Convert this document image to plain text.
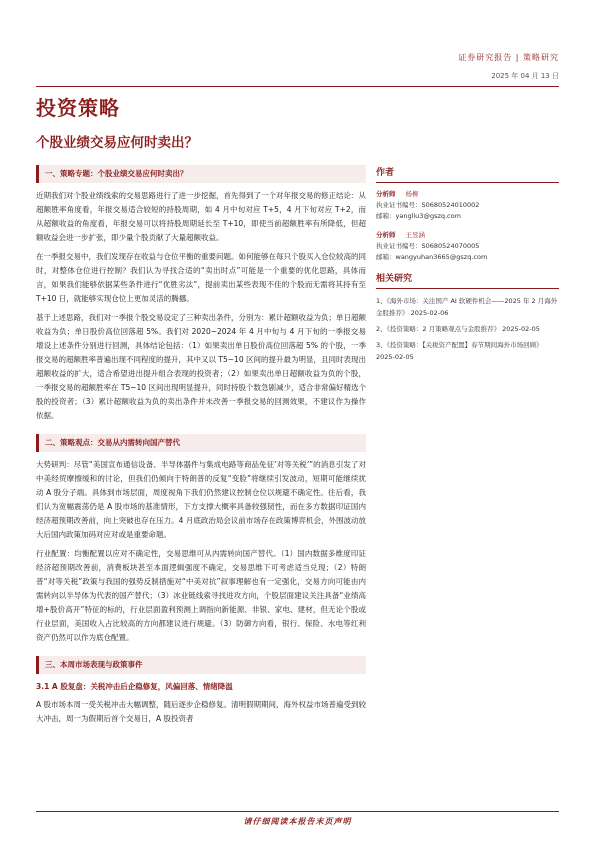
证券研究报告 | 策略研究
2025 年 04 月 13 日
投资策略
个股业绩交易应何时卖出？
一、策略专题：个股业绩交易应何时卖出？
近期我们对个股业绩线索的交易思路进行了进一步挖掘，首先得到了一个对年报交易的修正结论：从超额胜率角度看，年报交易适合较短的持股周期，如 4 月中旬对应 T+5，4 月下旬对应 T+2，而从超额收益的角度看，年报交易可以将持股周期延长至 T+10，即使当前超额胜率有所降低，但超额收益会进一步扩张，即少量个股贡献了大量超额收益。
在一季报交易中，我们发现存在收益与仓位平衡的重要问题。如何能够在每只个股买入仓位较高的同时，对整体仓位进行控制？我们认为寻找合适的“卖出时点”可能是一个重要的优化思路，具体而言，如果我们能够依据某些条件进行“优胜劣汰”，提前卖出某些表现不佳的个股而无需将其持有至 T+10 日，就能够实现仓位上更加灵活的腾挪。
基于上述思路，我们对一季报个股交易设定了三种卖出条件，分别为：累计超额收益为负；单日超额收益为负；单日股价高位回落超 5%。我们对 2020~2024 年 4 月中旬与 4 月下旬的一季报交易增设上述条件分别进行回测，具体结论包括：（1）如果卖出单日股价高位回落超 5% 的个股，一季报交易的超额胜率普遍出现不同程度的提升，其中又以 T5~10 区间的提升最为明显，且同时表现出超额收益的扩大，适合希望进出提升组合表现的投资者；（2）如果卖出单日超额收益为负的个股，一季报交易的超额胜率在 T5~10 区间出现明显提升，同时持股个数急剧减少，适合非常偏好精选个股的投资者；（3）累计超额收益为负的卖出条件并未改善一季报交易的回测效果，不建议作为操作依据。
二、策略观点：交易从内需转向国产替代
大势研判：尽管“美国宣布通信设备、半导体器件与集成电路等商品免征‘对等关税’”的消息引发了对中美经贸摩擦缓和的讨论，但我们仍倾向于特朗普的反复“变脸”将继续引发波动，短期可能继续扰动 A 股分子端。具体到市场层面，周度视角下我们仍然建议控制仓位以规避不确定性。往后看，我们认为宽幅震荡仍是 A 股市场的基准情形，下方支撑大概率具备较强韧性，而在多方数据印证国内经济超预期改善前，向上突破也存在压力。4 月底政治局会议前市场存在政策博弈机会，外围波动放大后国内政策加码对应对或是重要命题。
行业配置：均衡配置以应对不确定性，交易思维可从内需转向国产替代。（1）国内数据多维度印证经济超预期改善前，消费板块甚至本面逻辑强度不确定，交易思维下可考虑适当兑现；（2）特朗普“对等关税”政策与我国的强势反制措施对“中美对抗”叙事理解也有一定强化，交易方向可能由内需转向以半导体为代表的国产替代；（3）冰业链线索寻找进攻方向，个股层面建议关注具备“业绩高增+股价高开”特征的标的，行业层面盈利预测上调指向新能源、非银、家电、建材，但无论个股或行业层面，美国收入占比较高的方向都建议进行规避。（3）防御方向看，银行、保险、水电等红利资产仍然可以作为底仓配置。
三、本周市场表现与政策事件
3.1 A 股复盘：关税冲击后企稳修复，风偏回落、情绪降温
A 股市场本周一受关税冲击大幅调整，随后逐步企稳修复。清明假期期间，海外权益市场普遍受到较大冲击，周一为假期后首个交易日，A 股投资者
作者
分析师 杨柳
执业证书编号：S0680524010002
邮箱：yangliu3@gszq.com
分析师 王昱涵
执业证书编号：S0680524070005
邮箱：wangyuhan3665@gszq.com
相关研究
1、《海外市场：关注国产 AI 软硬件机会——2025 年 2 月海外金股推荐》 2025-02-06
2、《投资策略：2 月策略观点与金股推荐》 2025-02-05
3、《投资策略：【关税资产配置】春节期间海外市场回顾》 2025-02-05
请仔细阅读本报告末页声明
